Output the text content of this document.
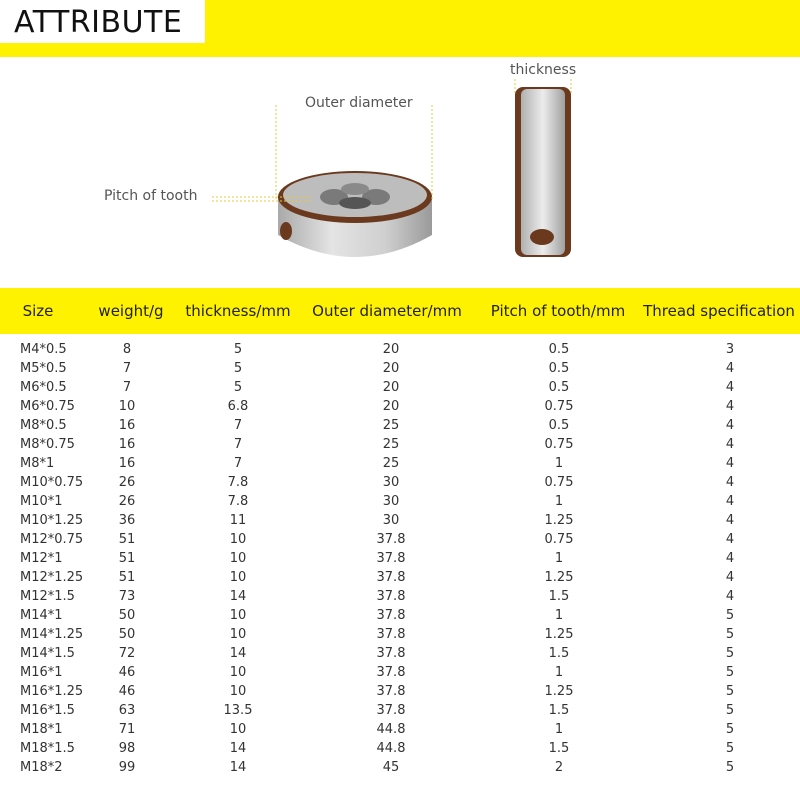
ATTRIBUTE
Outer diameter
Pitch of tooth
thickness
Size	weight/g	thickness/mm	Outer diameter/mm	Pitch of tooth/mm	Thread specification
M4*0.5	8	5	20	0.5	3
M5*0.5	7	5	20	0.5	4
M6*0.5	7	5	20	0.5	4
M6*0.75	10	6.8	20	0.75	4
M8*0.5	16	7	25	0.5	4
M8*0.75	16	7	25	0.75	4
M8*1	16	7	25	1	4
M10*0.75	26	7.8	30	0.75	4
M10*1	26	7.8	30	1	4
M10*1.25	36	11	30	1.25	4
M12*0.75	51	10	37.8	0.75	4
M12*1	51	10	37.8	1	4
M12*1.25	51	10	37.8	1.25	4
M12*1.5	73	14	37.8	1.5	4
M14*1	50	10	37.8	1	5
M14*1.25	50	10	37.8	1.25	5
M14*1.5	72	14	37.8	1.5	5
M16*1	46	10	37.8	1	5
M16*1.25	46	10	37.8	1.25	5
M16*1.5	63	13.5	37.8	1.5	5
M18*1	71	10	44.8	1	5
M18*1.5	98	14	44.8	1.5	5
M18*2	99	14	45	2	5
